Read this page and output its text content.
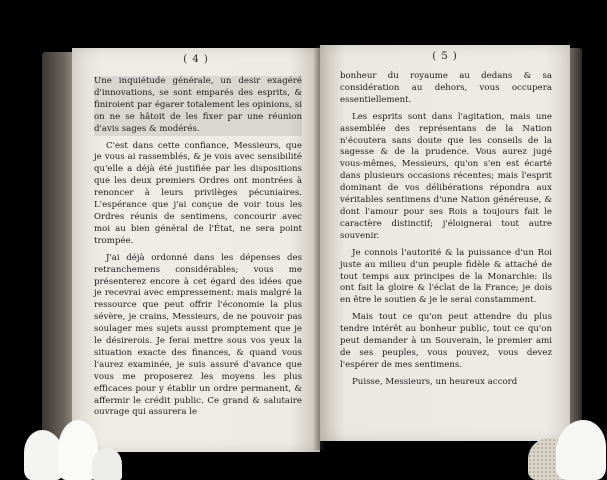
( 4 )

Une inquiétude générale, un desir exagéré d'innovations, se sont emparés des esprits, & finiroient par égarer totalement les opinions, si on ne se hâtoit de les fixer par une réunion d'avis sages & modérés.

C'est dans cette confiance, Messieurs, que je vous ai rassemblés, & je vois avec sensibilité qu'elle a déjà été justifiée par les dispositions que les deux premiers Ordres ont montrées à renoncer à leurs privilèges pécuniaires. L'espérance que j'ai conçue de voir tous les Ordres réunis de sentimens, concourir avec moi au bien général de l'État, ne sera point trompée.

J'ai déjà ordonné dans les dépenses des retranchemens considérables; vous me présenterez encore à cet égard des idées que je recevrai avec empressement: mais malgré la ressource que peut offrir l'économie la plus sévère, je crains, Messieurs, de ne pouvoir pas soulager mes sujets aussi promptement que je le désirerois. Je ferai mettre sous vos yeux la situation exacte des finances, & quand vous l'aurez examinée, je suis assuré d'avance que vous me proposerez les moyens les plus efficaces pour y établir un ordre permanent, & affermir le crédit public. Ce grand & salutaire ouvrage qui assurera le

( 5 )

bonheur du royaume au dedans & sa considération au dehors, vous occupera essentiellement.

Les esprits sont dans l'agitation, mais une assemblée des représentans de la Nation n'écoutera sans doute que les conseils de la sagesse & de la prudence. Vous aurez jugé vous-mêmes, Messieurs, qu'on s'en est écarté dans plusieurs occasions récentes; mais l'esprit dominant de vos délibérations répondra aux véritables sentimens d'une Nation généreuse, & dont l'amour pour ses Rois a toujours fait le caractère distinctif; j'éloignerai tout autre souvenir.

Je connois l'autorité & la puissance d'un Roi juste au milieu d'un peuple fidèle & attaché de tout temps aux principes de la Monarchie: ils ont fait la gloire & l'éclat de la France; je dois en être le soutien & je le serai constamment.

Mais tout ce qu'on peut attendre du plus tendre intérêt au bonheur public, tout ce qu'on peut demander à un Souverain, le premier ami de ses peuples, vous pouvez, vous devez l'espérer de mes sentimens.

Puisse, Messieurs, un heureux accord
